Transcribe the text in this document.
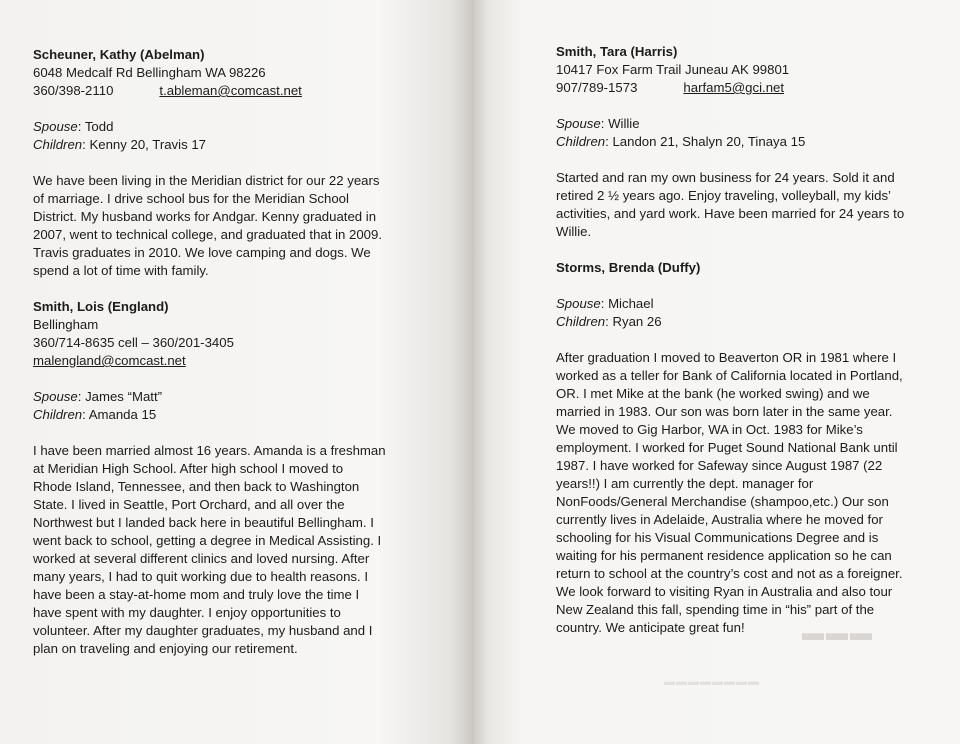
Scheuner, Kathy (Abelman)

6048 Medcalf Rd Bellingham WA 98226

360/398-2110	t.ableman@comcast.net

Spouse: Todd

Children: Kenny 20, Travis 17

We have been living in the Meridian district for our 22 years

of marriage. I drive school bus for the Meridian School

District. My husband works for Andgar. Kenny graduated in

2007, went to technical college, and graduated that in 2009.

Travis graduates in 2010. We love camping and dogs. We

spend a lot of time with family.

Smith, Lois (England)

Bellingham

360/714-8635 cell – 360/201-3405

malengland@comcast.net

Spouse: James “Matt”

Children: Amanda 15

I have been married almost 16 years. Amanda is a freshman

at Meridian High School. After high school I moved to

Rhode Island, Tennessee, and then back to Washington

State. I lived in Seattle, Port Orchard, and all over the

Northwest but I landed back here in beautiful Bellingham. I

went back to school, getting a degree in Medical Assisting. I

worked at several different clinics and loved nursing. After

many years, I had to quit working due to health reasons. I

have been a stay-at-home mom and truly love the time I

have spent with my daughter. I enjoy opportunities to

volunteer. After my daughter graduates, my husband and I

plan on traveling and enjoying our retirement.

▬▬▬
▬▬▬▬▬▬▬▬

Smith, Tara (Harris)

10417 Fox Farm Trail Juneau AK 99801

907/789-1573	harfam5@gci.net

Spouse: Willie

Children: Landon 21, Shalyn 20, Tinaya 15

Started and ran my own business for 24 years. Sold it and

retired 2 ½ years ago. Enjoy traveling, volleyball, my kids’

activities, and yard work. Have been married for 24 years to

Willie.

Storms, Brenda (Duffy)

Spouse: Michael

Children: Ryan 26

After graduation I moved to Beaverton OR in 1981 where I

worked as a teller for Bank of California located in Portland,

OR. I met Mike at the bank (he worked swing) and we

married in 1983. Our son was born later in the same year.

We moved to Gig Harbor, WA in Oct. 1983 for Mike’s

employment. I worked for Puget Sound National Bank until

1987. I have worked for Safeway since August 1987 (22

years!!) I am currently the dept. manager for

NonFoods/General Merchandise (shampoo,etc.) Our son

currently lives in Adelaide, Australia where he moved for

schooling for his Visual Communications Degree and is

waiting for his permanent residence application so he can

return to school at the country’s cost and not as a foreigner.

We look forward to visiting Ryan in Australia and also tour

New Zealand this fall, spending time in “his” part of the

country. We anticipate great fun!
